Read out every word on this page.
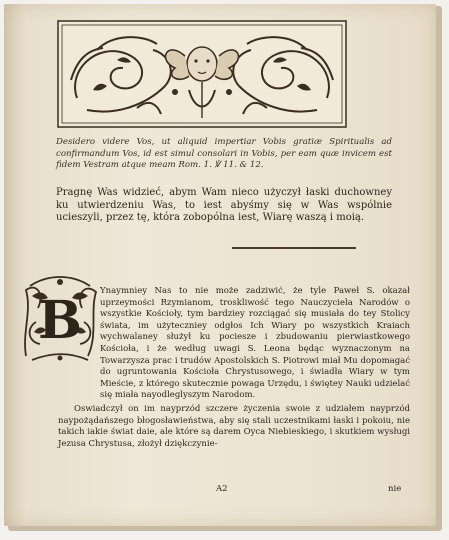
Desidero videre Vos, ut aliquid impertiar Vobis gratiæ Spiritualis ad confirmandum Vos, id est simul consolari in Vobis, per eam quæ invicem est fidem Vestram atque meam Rom. 1. ℣ 11. & 12.
Pragnę Was widzieć, abym Wam nieco użyczył łaski duchowney ku utwierdzeniu Was, to iest abyśmy się w Was wspólnie ucieszyli, przez tę, która zobopólna iest, Wiarę waszą i moią.
B	Ynaymniey Nas to nie może zadziwić, że tyle Paweł S. okazał uprzeymości Rzymianom, troskliwość tego Nauczyciela Narodów o wszystkie Kościoły, tym bardziey rozciągać się musiała do tey Stolicy świata, im użyteczniey odgłos Ich Wiary po wszystkich Kraiach wychwalaney służył ku pociesze i zbudowaniu pierwiastkowego Kościoła, i że według uwagi S. Leona będąc wyznaczonym na Towarzysza prac i trudów Apostolskich S. Piotrowi miał Mu dopomagać do ugruntowania Kościoła Chrystusowego, i świadła Wiary w tym Mieście, z którego skutecznie powaga Urzędu, i świętey Nauki udzielać się miała nayodleglyszym Narodom.

Oswiadczył on im nayprzód szczere życzenia swoie z udziałem nayprzód naypożądańszego błogosławieństwa, aby się stali uczestnikami łaski i pokoiu, nie takich iakie świat daie, ale które są darem Oyca Niebieskiego, i skutkiem wysługi Jezusa Chrystusa, złożył dziękczynie-

A2	nie
